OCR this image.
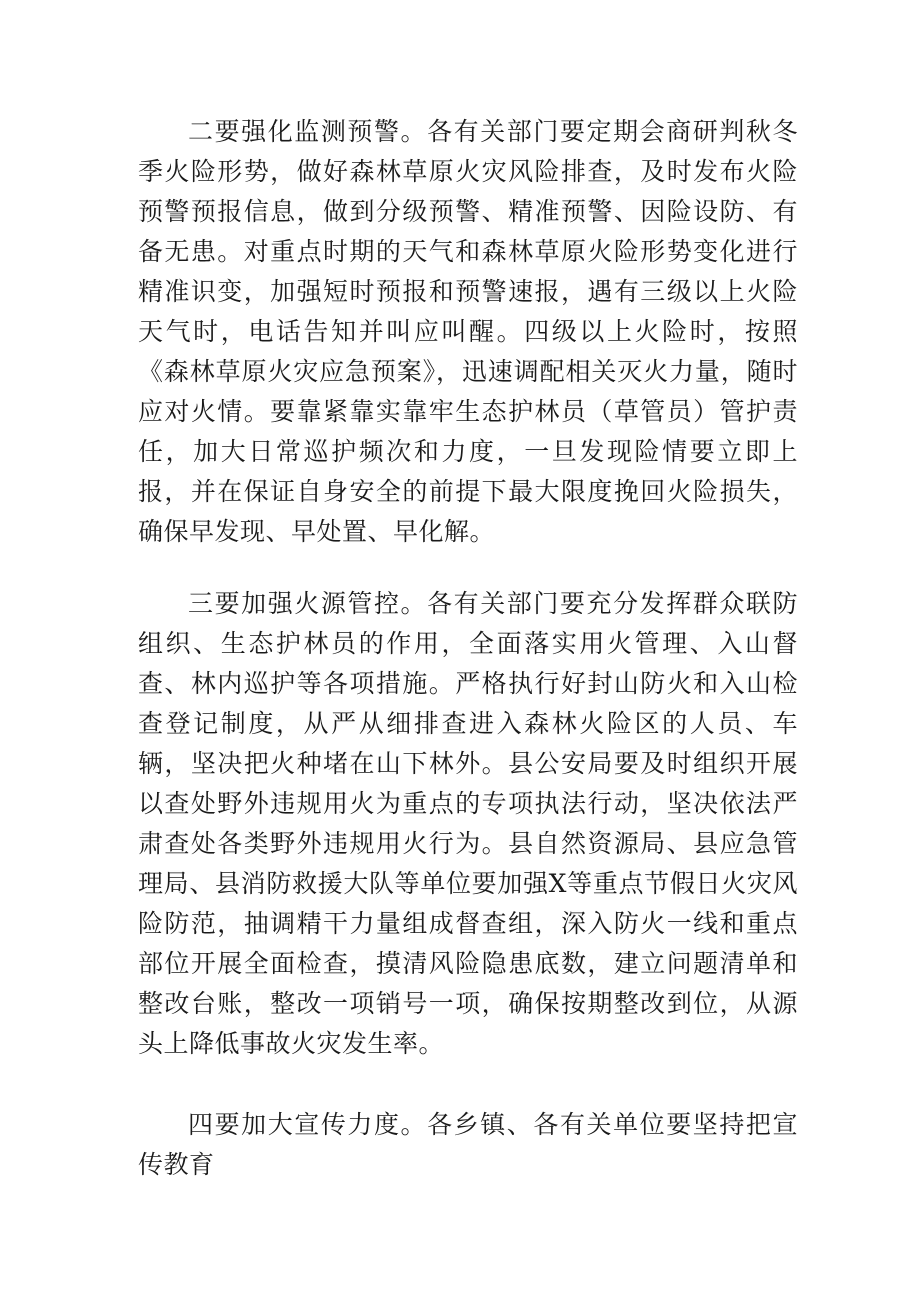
二要强化监测预警。各有关部门要定期会商研判秋冬季火险形势，做好森林草原火灾风险排查，及时发布火险预警预报信息，做到分级预警、精准预警、因险设防、有备无患。对重点时期的天气和森林草原火险形势变化进行精准识变，加强短时预报和预警速报，遇有三级以上火险天气时，电话告知并叫应叫醒。四级以上火险时，按照《森林草原火灾应急预案》，迅速调配相关灭火力量，随时应对火情。要靠紧靠实靠牢生态护林员（草管员）管护责任，加大日常巡护频次和力度，一旦发现险情要立即上报，并在保证自身安全的前提下最大限度挽回火险损失，确保早发现、早处置、早化解。

三要加强火源管控。各有关部门要充分发挥群众联防组织、生态护林员的作用，全面落实用火管理、入山督查、林内巡护等各项措施。严格执行好封山防火和入山检查登记制度，从严从细排查进入森林火险区的人员、车辆，坚决把火种堵在山下林外。县公安局要及时组织开展以查处野外违规用火为重点的专项执法行动，坚决依法严肃查处各类野外违规用火行为。县自然资源局、县应急管理局、县消防救援大队等单位要加强X等重点节假日火灾风险防范，抽调精干力量组成督查组，深入防火一线和重点部位开展全面检查，摸清风险隐患底数，建立问题清单和整改台账，整改一项销号一项，确保按期整改到位，从源头上降低事故火灾发生率。

四要加大宣传力度。各乡镇、各有关单位要坚持把宣传教育
